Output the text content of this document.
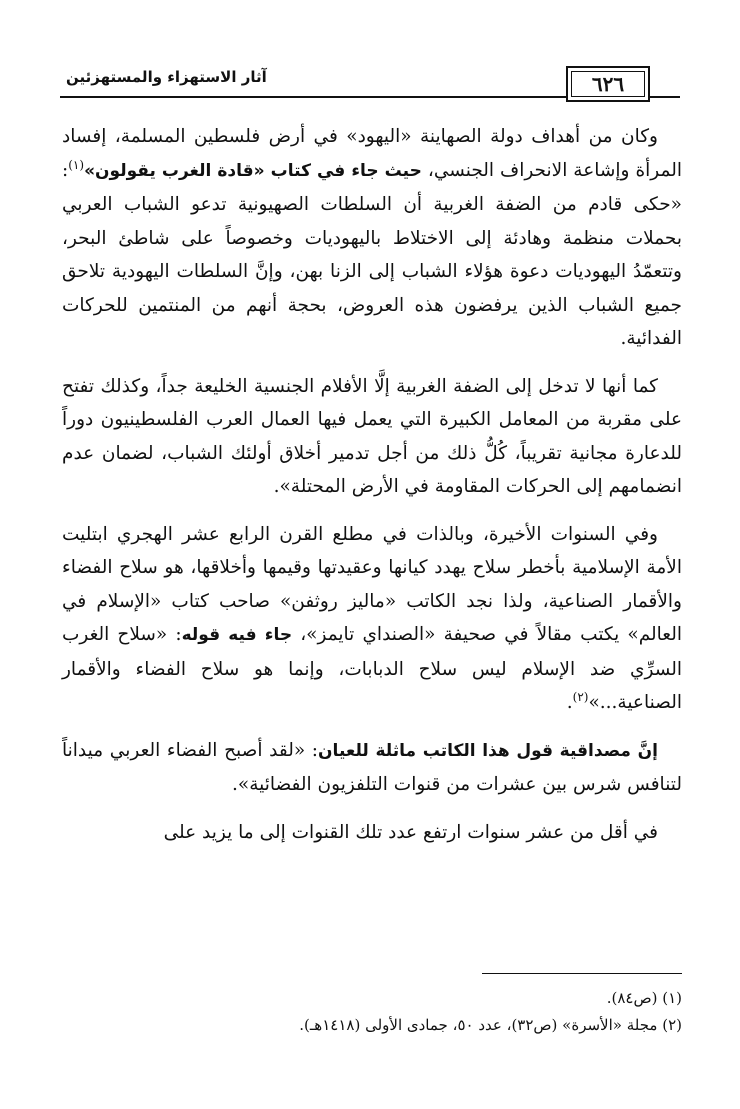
٦٢٦
آثار الاستهزاء والمستهزئين

وكان من أهداف دولة الصهاينة «اليهود» في أرض فلسطين المسلمة، إفساد المرأة وإشاعة الانحراف الجنسي، حيث جاء في كتاب «قادة الغرب يقولون»$^{(١)}$: «حكى قادم من الضفة الغربية أن السلطات الصهيونية تدعو الشباب العربي بحملات منظمة وهادئة إلى الاختلاط باليهوديات وخصوصاً على شاطئ البحر، وتتعمّدُ اليهوديات دعوة هؤلاء الشباب إلى الزنا بهن، وإنَّ السلطات اليهودية تلاحق جميع الشباب الذين يرفضون هذه العروض، بحجة أنهم من المنتمين للحركات الفدائية.

كما أنها لا تدخل إلى الضفة الغربية إلَّا الأفلام الجنسية الخليعة جداً، وكذلك تفتح على مقربة من المعامل الكبيرة التي يعمل فيها العمال العرب الفلسطينيون دوراً للدعارة مجانية تقريباً، كُلُّ ذلك من أجل تدمير أخلاق أولئك الشباب، لضمان عدم انضمامهم إلى الحركات المقاومة في الأرض المحتلة».

وفي السنوات الأخيرة، وبالذات في مطلع القرن الرابع عشر الهجري ابتليت الأمة الإسلامية بأخطر سلاح يهدد كيانها وعقيدتها وقيمها وأخلاقها، هو سلاح الفضاء والأقمار الصناعية، ولذا نجد الكاتب «ماليز روثفن» صاحب كتاب «الإسلام في العالم» يكتب مقالاً في صحيفة «الصنداي تايمز»، جاء فيه قوله: «سلاح الغرب السرِّي ضد الإسلام ليس سلاح الدبابات، وإنما هو سلاح الفضاء والأقمار الصناعية...»$^{(٢)}$.

إنَّ مصداقية قول هذا الكاتب ماثلة للعيان: «لقد أصبح الفضاء العربي ميداناً لتنافس شرس بين عشرات من قنوات التلفزيون الفضائية».

في أقل من عشر سنوات ارتفع عدد تلك القنوات إلى ما يزيد على

(١) (ص٨٤).
(٢) مجلة «الأسرة» (ص٣٢)، عدد ٥٠، جمادى الأولى (١٤١٨هـ).
